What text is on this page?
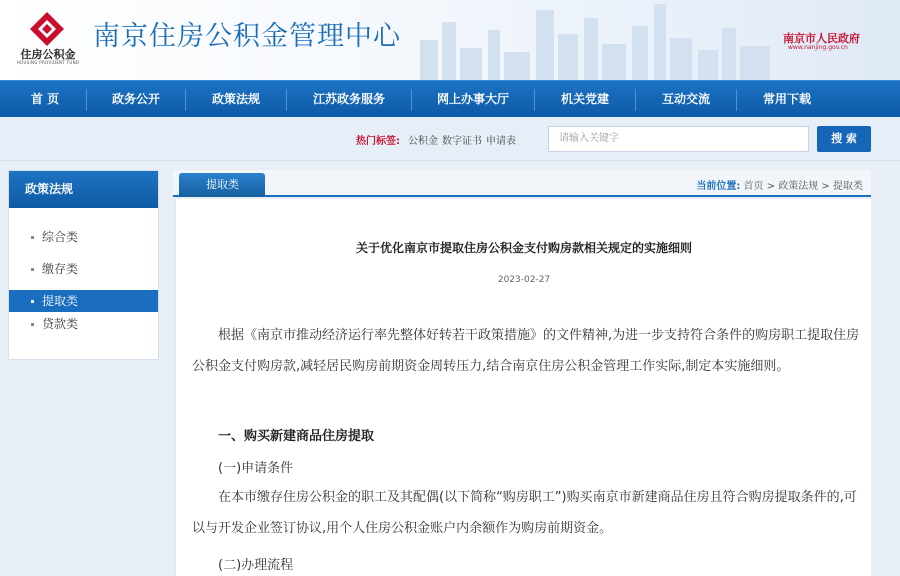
住房公积金
HOUSING PROVIDENT FUND
南京住房公积金管理中心	南京市人民政府
www.nanjing.gov.cn
首 页	政务公开	政策法规	江苏政务服务	网上办事大厅	机关党建	互动交流	常用下载
热门标签: 公积金 数字证书 申请表	请输入关键字	搜 索
政策法规
综合类
缴存类
提取类
贷款类
提取类	当前位置: 首页 > 政策法规 > 提取类
关于优化南京市提取住房公积金支付购房款相关规定的实施细则
2023-02-27
根据《南京市推动经济运行率先整体好转若干政策措施》的文件精神,为进一步支持符合条件的购房职工提取住房公积金支付购房款,减轻居民购房前期资金周转压力,结合南京住房公积金管理工作实际,制定本实施细则。
一、购买新建商品住房提取
(一)申请条件
在本市缴存住房公积金的职工及其配偶(以下简称“购房职工”)购买南京市新建商品住房且符合购房提取条件的,可以与开发企业签订协议,用个人住房公积金账户内余额作为购房前期资金。
(二)办理流程
